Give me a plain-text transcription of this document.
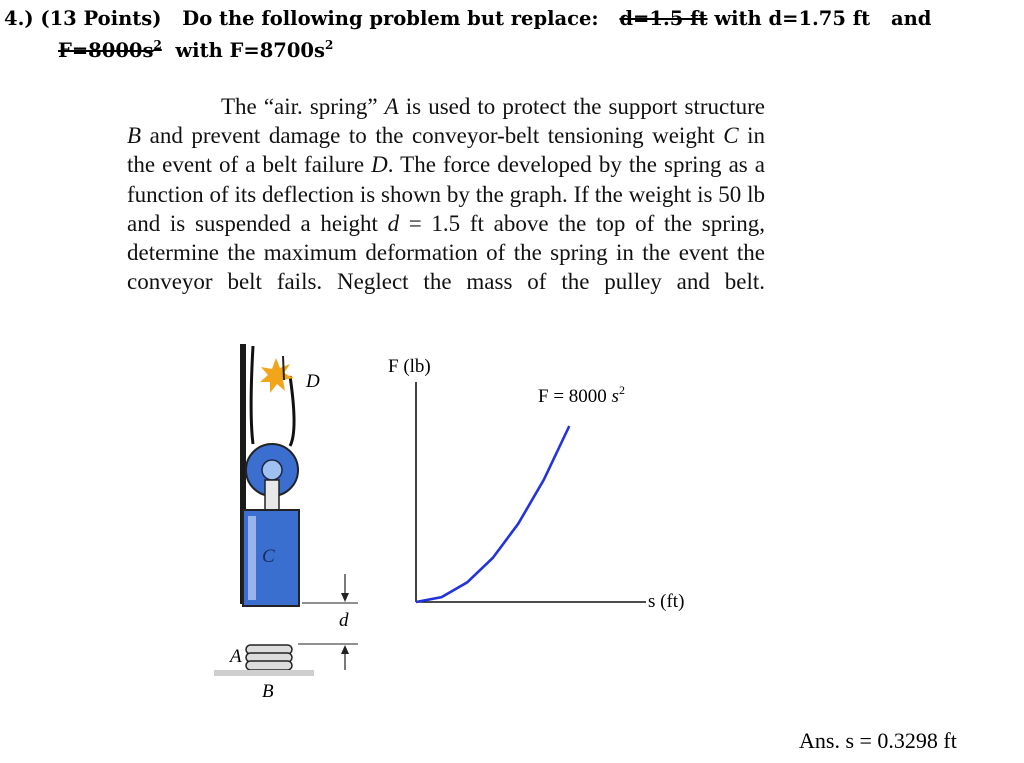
4.) (13 Points) Do the following problem but replace: d=1.5 ft with d=1.75 ft and
$F=8000s^2$ with $F=8700s^2$
The “air. spring” A is used to protect the support structure B and prevent damage to the conveyor-belt tensioning weight C in the event of a belt failure D. The force developed by the spring as a function of its deflection is shown by the graph. If the weight is 50 lb and is suspended a height d = 1.5 ft above the top of the spring, determine the maximum deformation of the spring in the event the conveyor belt fails. Neglect the mass of the pulley and belt.
D
C
d
A
B
F (lb)
s (ft)
F = 8000 $s^2$
Ans. s = 0.3298 ft
